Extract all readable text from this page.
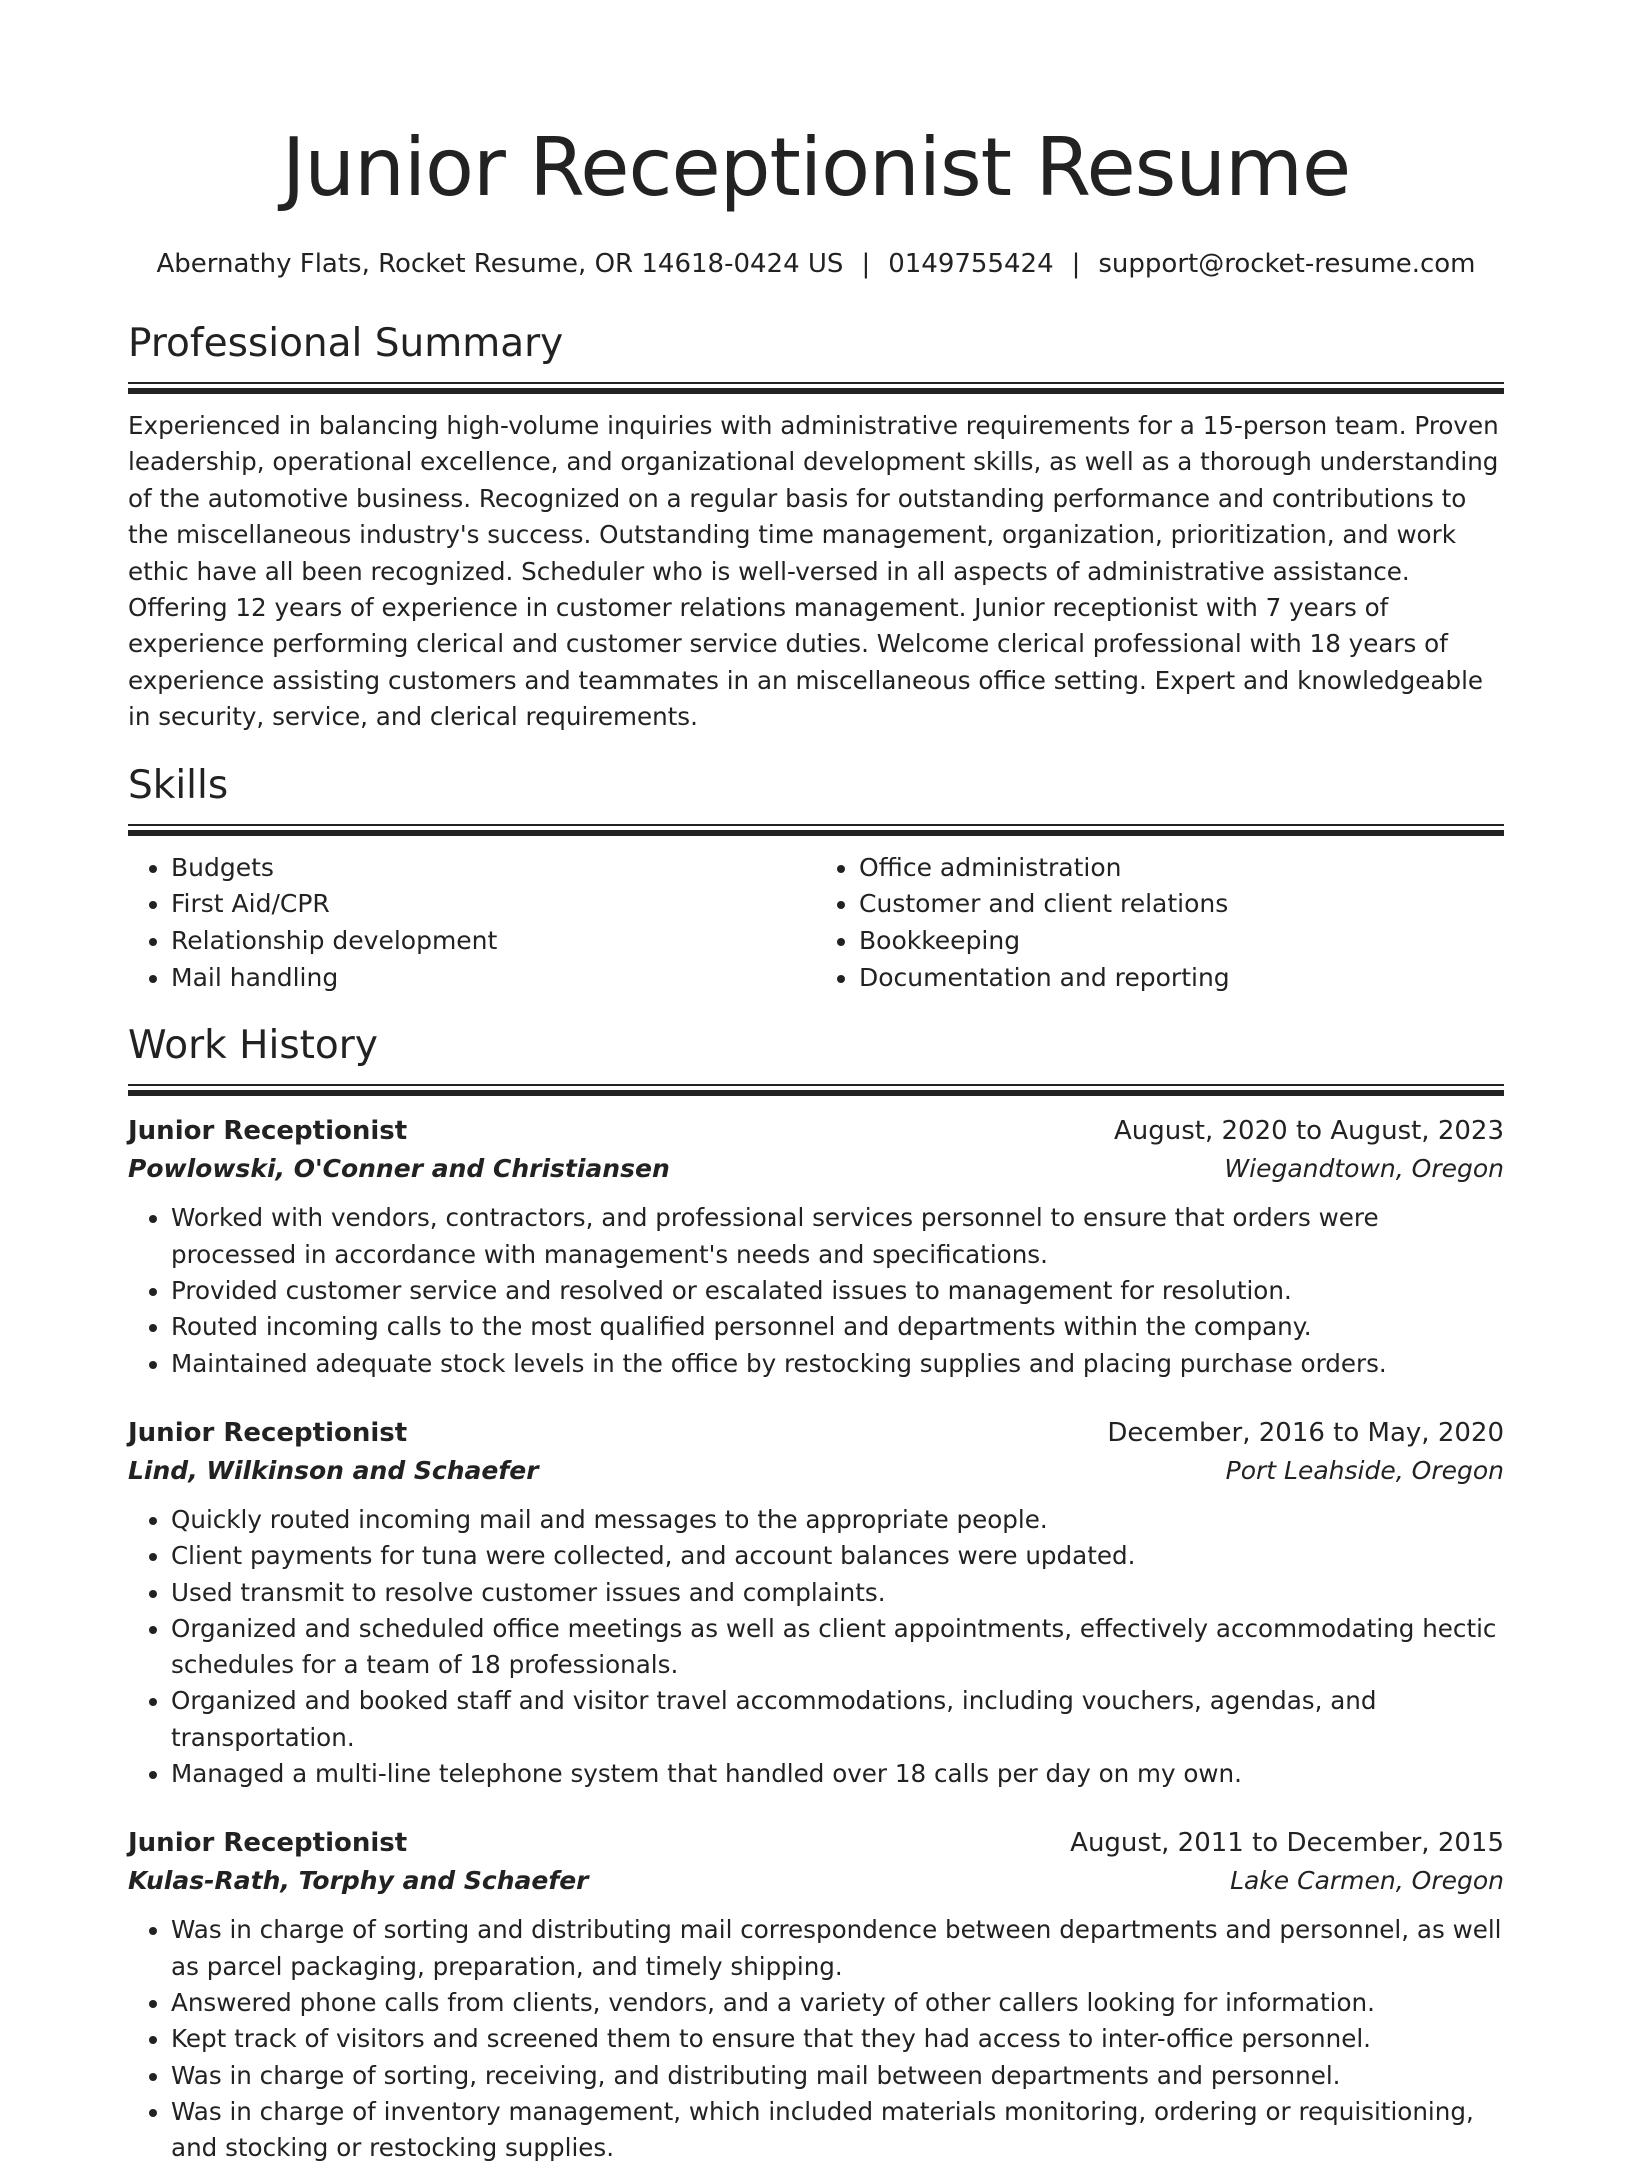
Junior Receptionist Resume
Abernathy Flats, Rocket Resume, OR 14618-0424 US | 0149755424 | support@rocket-resume.com
Professional Summary

Experienced in balancing high-volume inquiries with administrative requirements for a 15-person team. Proven leadership, operational excellence, and organizational development skills, as well as a thorough understanding of the automotive business. Recognized on a regular basis for outstanding performance and contributions to the miscellaneous industry's success. Outstanding time management, organization, prioritization, and work ethic have all been recognized. Scheduler who is well-versed in all aspects of administrative assistance. Offering 12 years of experience in customer relations management. Junior receptionist with 7 years of experience performing clerical and customer service duties. Welcome clerical professional with 18 years of experience assisting customers and teammates in an miscellaneous office setting. Expert and knowledgeable in security, service, and clerical requirements.

Skills
• Budgets
• First Aid/CPR
• Relationship development
• Mail handling
• Office administration
• Customer and client relations
• Bookkeeping
• Documentation and reporting
Work History
Junior Receptionist	August, 2020 to August, 2023
Powlowski, O'Conner and Christiansen	Wiegandtown, Oregon
• Worked with vendors, contractors, and professional services personnel to ensure that orders were processed in accordance with management's needs and specifications.
• Provided customer service and resolved or escalated issues to management for resolution.
• Routed incoming calls to the most qualified personnel and departments within the company.
• Maintained adequate stock levels in the office by restocking supplies and placing purchase orders.
Junior Receptionist	December, 2016 to May, 2020
Lind, Wilkinson and Schaefer	Port Leahside, Oregon
• Quickly routed incoming mail and messages to the appropriate people.
• Client payments for tuna were collected, and account balances were updated.
• Used transmit to resolve customer issues and complaints.
• Organized and scheduled office meetings as well as client appointments, effectively accommodating hectic schedules for a team of 18 professionals.
• Organized and booked staff and visitor travel accommodations, including vouchers, agendas, and transportation.
• Managed a multi-line telephone system that handled over 18 calls per day on my own.
Junior Receptionist	August, 2011 to December, 2015
Kulas-Rath, Torphy and Schaefer	Lake Carmen, Oregon
• Was in charge of sorting and distributing mail correspondence between departments and personnel, as well as parcel packaging, preparation, and timely shipping.
• Answered phone calls from clients, vendors, and a variety of other callers looking for information.
• Kept track of visitors and screened them to ensure that they had access to inter-office personnel.
• Was in charge of sorting, receiving, and distributing mail between departments and personnel.
• Was in charge of inventory management, which included materials monitoring, ordering or requisitioning, and stocking or restocking supplies.
